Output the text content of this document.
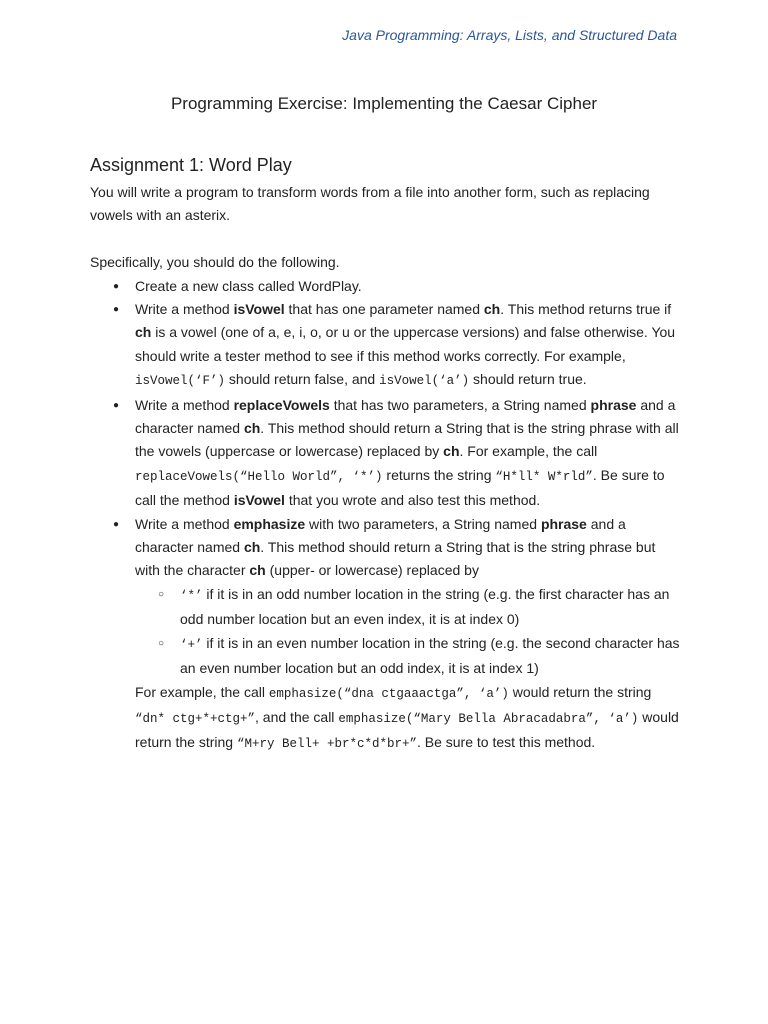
Java Programming: Arrays, Lists, and Structured Data
Programming Exercise: Implementing the Caesar Cipher
Assignment 1: Word Play

You will write a program to transform words from a file into another form, such as replacing vowels with an asterix.

Specifically, you should do the following.

● Create a new class called WordPlay.
● Write a method isVowel that has one parameter named ch. This method returns true if ch is a vowel (one of a, e, i, o, or u or the uppercase versions) and false otherwise. You should write a tester method to see if this method works correctly. For example, isVowel(‘F’) should return false, and isVowel(‘a’) should return true.
● Write a method replaceVowels that has two parameters, a String named phrase and a character named ch. This method should return a String that is the string phrase with all the vowels (uppercase or lowercase) replaced by ch. For example, the call replaceVowels(“Hello World”, ‘*’) returns the string “H*ll* W*rld”. Be sure to call the method isVowel that you wrote and also test this method.
● Write a method emphasize with two parameters, a String named phrase and a character named ch. This method should return a String that is the string phrase but with the character ch (upper- or lowercase) replaced by
○ ‘*’ if it is in an odd number location in the string (e.g. the first character has an odd number location but an even index, it is at index 0)
○ ‘+’ if it is in an even number location in the string (e.g. the second character has an even number location but an odd index, it is at index 1)
For example, the call emphasize(“dna ctgaaactga”, ‘a’) would return the string “dn* ctg+*+ctg+”, and the call emphasize(“Mary Bella Abracadabra”, ‘a’) would return the string “M+ry Bell+ +br*c*d*br+”. Be sure to test this method.
